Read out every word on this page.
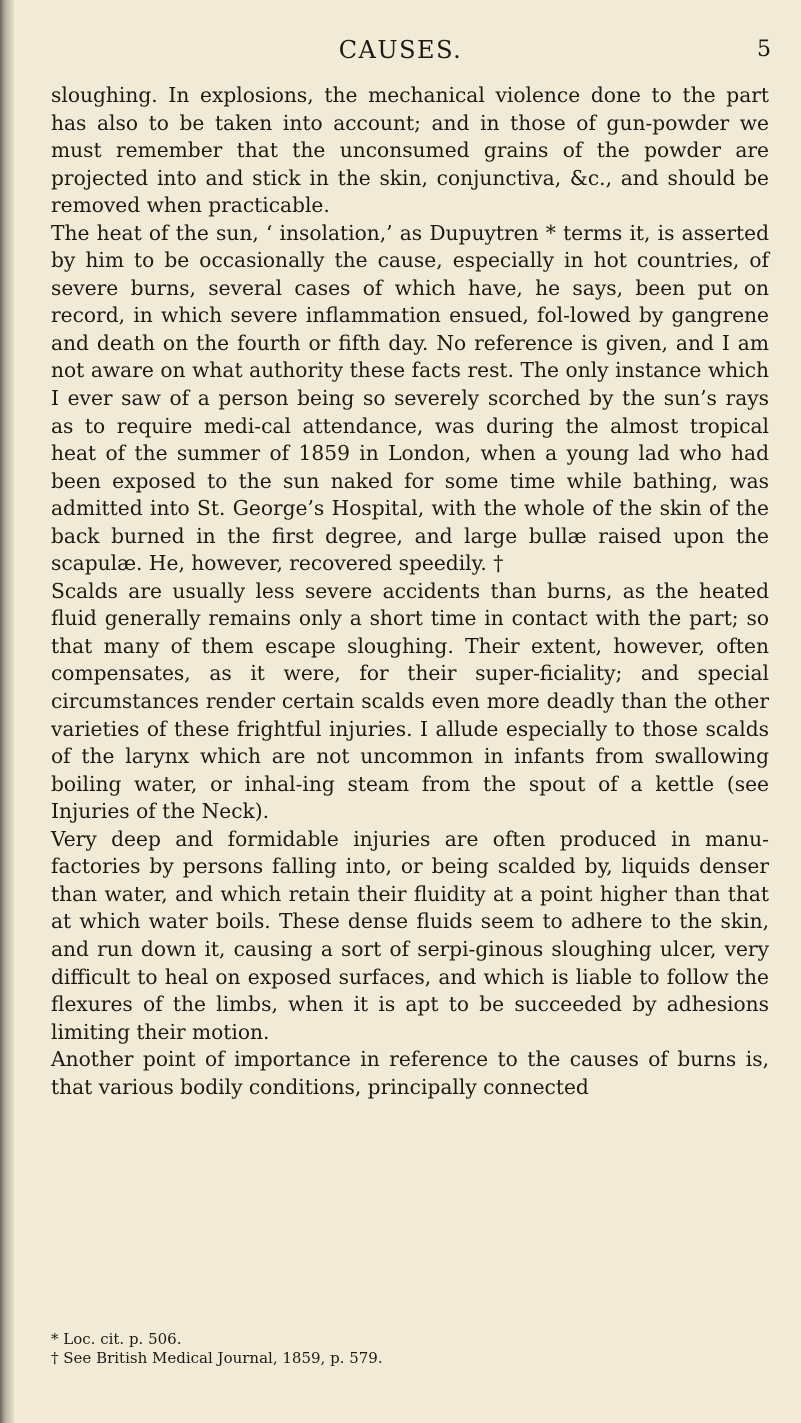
CAUSES.	5
sloughing. In explosions, the mechanical violence done to the part has also to be taken into account; and in those of gun-powder we must remember that the unconsumed grains of the powder are projected into and stick in the skin, conjunctiva, &c., and should be removed when practicable.
The heat of the sun, ‘ insolation,’ as Dupuytren * terms it, is asserted by him to be occasionally the cause, especially in hot countries, of severe burns, several cases of which have, he says, been put on record, in which severe inflammation ensued, fol-lowed by gangrene and death on the fourth or fifth day. No reference is given, and I am not aware on what authority these facts rest. The only instance which I ever saw of a person being so severely scorched by the sun’s rays as to require medi-cal attendance, was during the almost tropical heat of the summer of 1859 in London, when a young lad who had been exposed to the sun naked for some time while bathing, was admitted into St. George’s Hospital, with the whole of the skin of the back burned in the first degree, and large bullæ raised upon the scapulæ. He, however, recovered speedily. †
Scalds are usually less severe accidents than burns, as the heated fluid generally remains only a short time in contact with the part; so that many of them escape sloughing. Their extent, however, often compensates, as it were, for their super-ficiality; and special circumstances render certain scalds even more deadly than the other varieties of these frightful injuries. I allude especially to those scalds of the larynx which are not uncommon in infants from swallowing boiling water, or inhal-ing steam from the spout of a kettle (see Injuries of the Neck).
Very deep and formidable injuries are often produced in manu-factories by persons falling into, or being scalded by, liquids denser than water, and which retain their fluidity at a point higher than that at which water boils. These dense fluids seem to adhere to the skin, and run down it, causing a sort of serpi-ginous sloughing ulcer, very difficult to heal on exposed surfaces, and which is liable to follow the flexures of the limbs, when it is apt to be succeeded by adhesions limiting their motion.
Another point of importance in reference to the causes of burns is, that various bodily conditions, principally connected
* Loc. cit. p. 506.
† See British Medical Journal, 1859, p. 579.
